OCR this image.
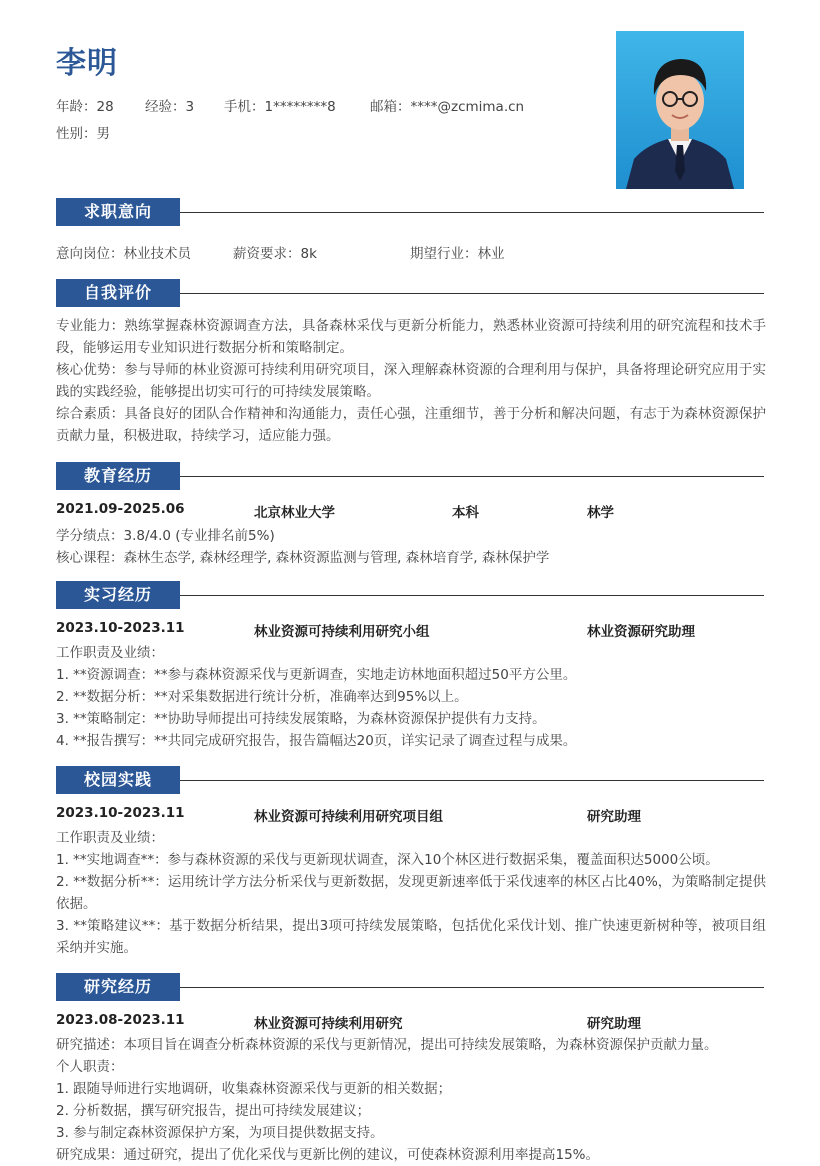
李明
年龄：28 经验：3 手机：1********8	邮箱：****@zcmima.cn
性别：男
求职意向
意向岗位：林业技术员	薪资要求：8k	期望行业：林业
自我评价
专业能力：熟练掌握森林资源调查方法，具备森林采伐与更新分析能力，熟悉林业资源可持续利用的研究流程和技术手段，能够运用专业知识进行数据分析和策略制定。
核心优势：参与导师的林业资源可持续利用研究项目，深入理解森林资源的合理利用与保护，具备将理论研究应用于实践的实践经验，能够提出切实可行的可持续发展策略。
综合素质：具备良好的团队合作精神和沟通能力，责任心强，注重细节，善于分析和解决问题，有志于为森林资源保护贡献力量，积极进取，持续学习，适应能力强。
教育经历
2021.09-2025.06	北京林业大学	本科	林学
学分绩点：3.8/4.0 (专业排名前5%)
核心课程：森林生态学, 森林经理学, 森林资源监测与管理, 森林培育学, 森林保护学
实习经历
2023.10-2023.11	林业资源可持续利用研究小组	林业资源研究助理
工作职责及业绩：
1. **资源调查：**参与森林资源采伐与更新调查，实地走访林地面积超过50平方公里。
2. **数据分析：**对采集数据进行统计分析，准确率达到95%以上。
3. **策略制定：**协助导师提出可持续发展策略，为森林资源保护提供有力支持。
4. **报告撰写：**共同完成研究报告，报告篇幅达20页，详实记录了调查过程与成果。
校园实践
2023.10-2023.11	林业资源可持续利用研究项目组	研究助理
工作职责及业绩：
1. **实地调查**：参与森林资源的采伐与更新现状调查，深入10个林区进行数据采集，覆盖面积达5000公顷。
2. **数据分析**：运用统计学方法分析采伐与更新数据，发现更新速率低于采伐速率的林区占比40%，为策略制定提供依据。
3. **策略建议**：基于数据分析结果，提出3项可持续发展策略，包括优化采伐计划、推广快速更新树种等，被项目组采纳并实施。
研究经历
2023.08-2023.11	林业资源可持续利用研究	研究助理
研究描述：本项目旨在调查分析森林资源的采伐与更新情况，提出可持续发展策略，为森林资源保护贡献力量。
个人职责：
1. 跟随导师进行实地调研，收集森林资源采伐与更新的相关数据；
2. 分析数据，撰写研究报告，提出可持续发展建议；
3. 参与制定森林资源保护方案，为项目提供数据支持。
研究成果：通过研究，提出了优化采伐与更新比例的建议，可使森林资源利用率提高15%。
